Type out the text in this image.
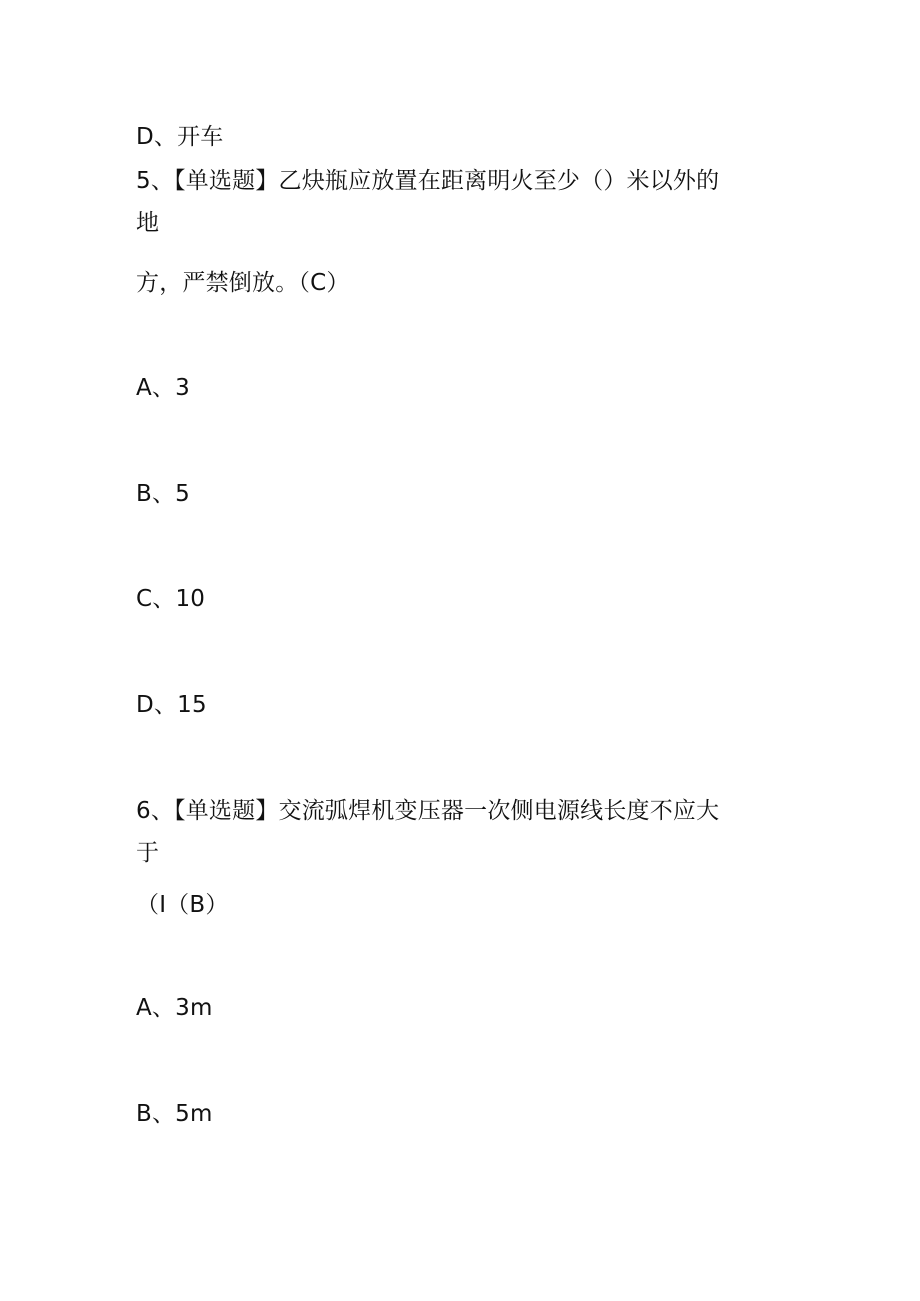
D、开车
5、【单选题】乙炔瓶应放置在距离明火至少（）米以外的
地
方，严禁倒放。（C）
A、3
B、5
C、10
D、15
6、【单选题】交流弧焊机变压器一次侧电源线长度不应大
于
（I（B）
A、3m
B、5m
